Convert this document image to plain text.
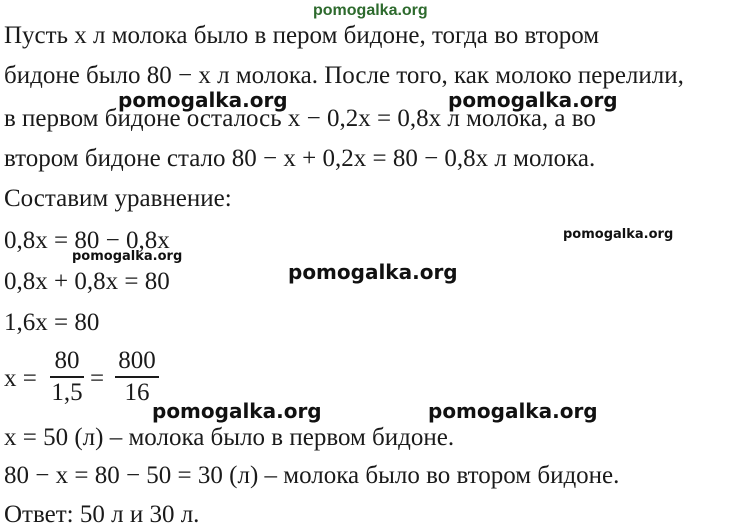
pomogalka.org
Пусть x л молока было в пером бидоне, тогда во втором
бидоне было 80 − x л молока. После того, как молоко перелили,
в первом бидоне осталось x − 0,2x = 0,8x л молока, а во
втором бидоне стало 80 − x + 0,2x = 80 − 0,8x л молока.
Составим уравнение:
0,8x = 80 − 0,8x
0,8x + 0,8x = 80
1,6x = 80
x =
80
1,5
=
800
16
x = 50 (л) – молока было в первом бидоне.
80 − x = 80 − 50 = 30 (л) – молока было во втором бидоне.
Ответ: 50 л и 30 л.
pomogalka.org	pomogalka.org
pomogalka.org
pomogalka.org
pomogalka.org
pomogalka.org	pomogalka.org
